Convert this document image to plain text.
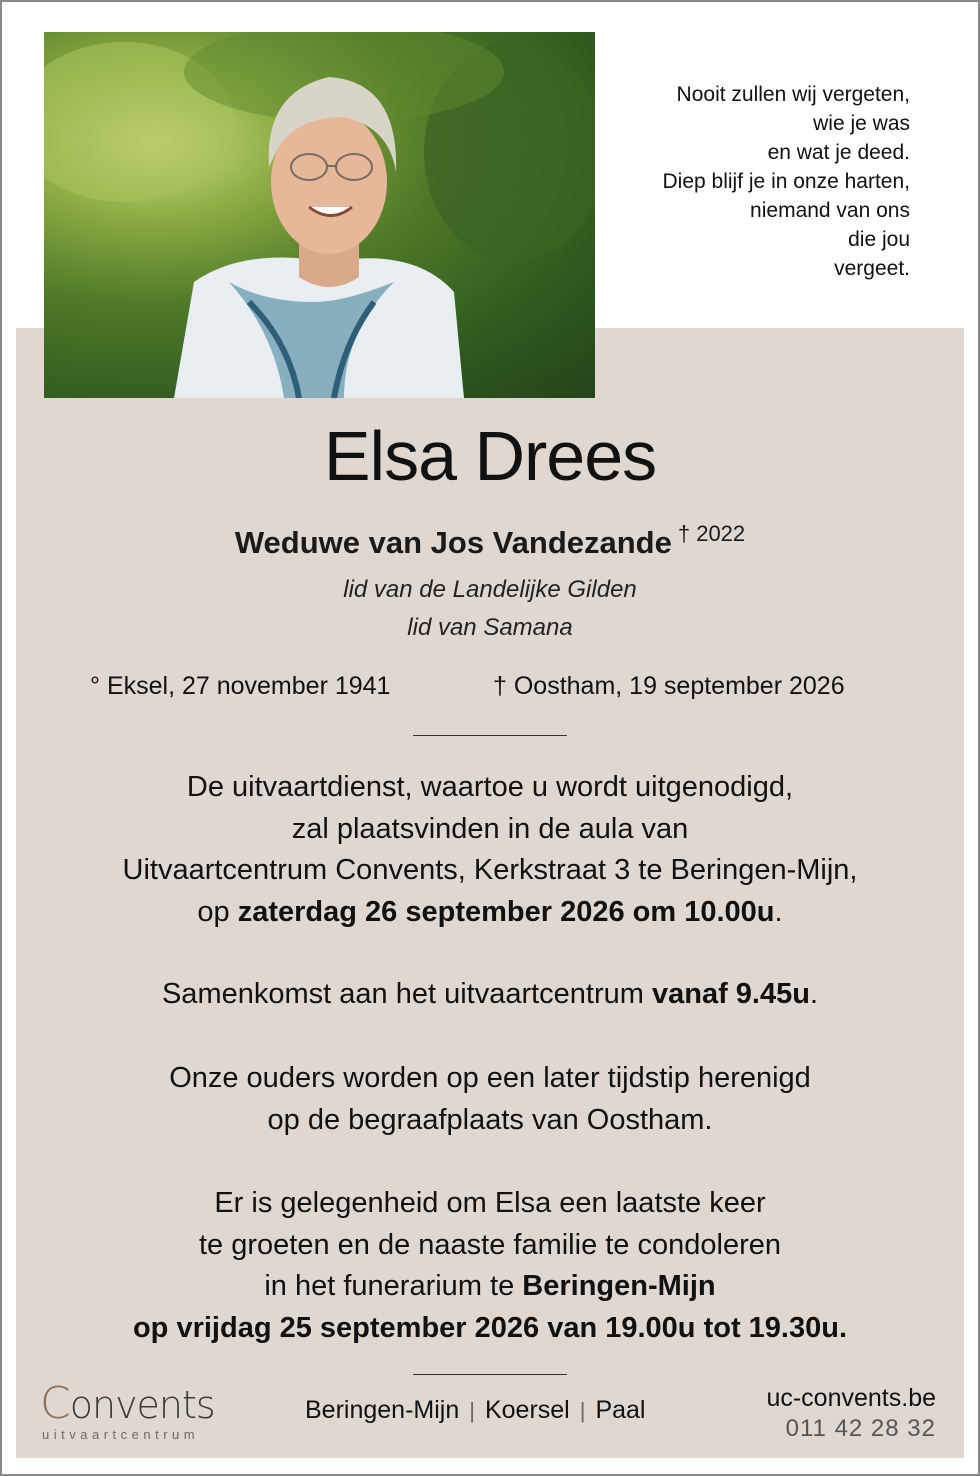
Nooit zullen wij vergeten,
wie je was
en wat je deed.
Diep blijf je in onze harten,
niemand van ons
die jou
vergeet.
Elsa Drees
Weduwe van Jos Vandezande $^{\dagger 2022}$
lid van de Landelijke Gilden
lid van Samana
° Eksel, 27 november 1941	† Oostham, 19 september 2026
De uitvaartdienst, waartoe u wordt uitgenodigd,
zal plaatsvinden in de aula van
Uitvaartcentrum Convents, Kerkstraat 3 te Beringen-Mijn,
op zaterdag 26 september 2026 om 10.00u.
Samenkomst aan het uitvaartcentrum vanaf 9.45u.
Onze ouders worden op een later tijdstip herenigd
op de begraafplaats van Oostham.
Er is gelegenheid om Elsa een laatste keer
te groeten en de naaste familie te condoleren
in het funerarium te Beringen-Mijn
op vrijdag 25 september 2026 van 19.00u tot 19.30u.
Convents
uitvaartcentrum
Beringen-Mijn | Koersel | Paal	uc-convents.be
011 42 28 32
